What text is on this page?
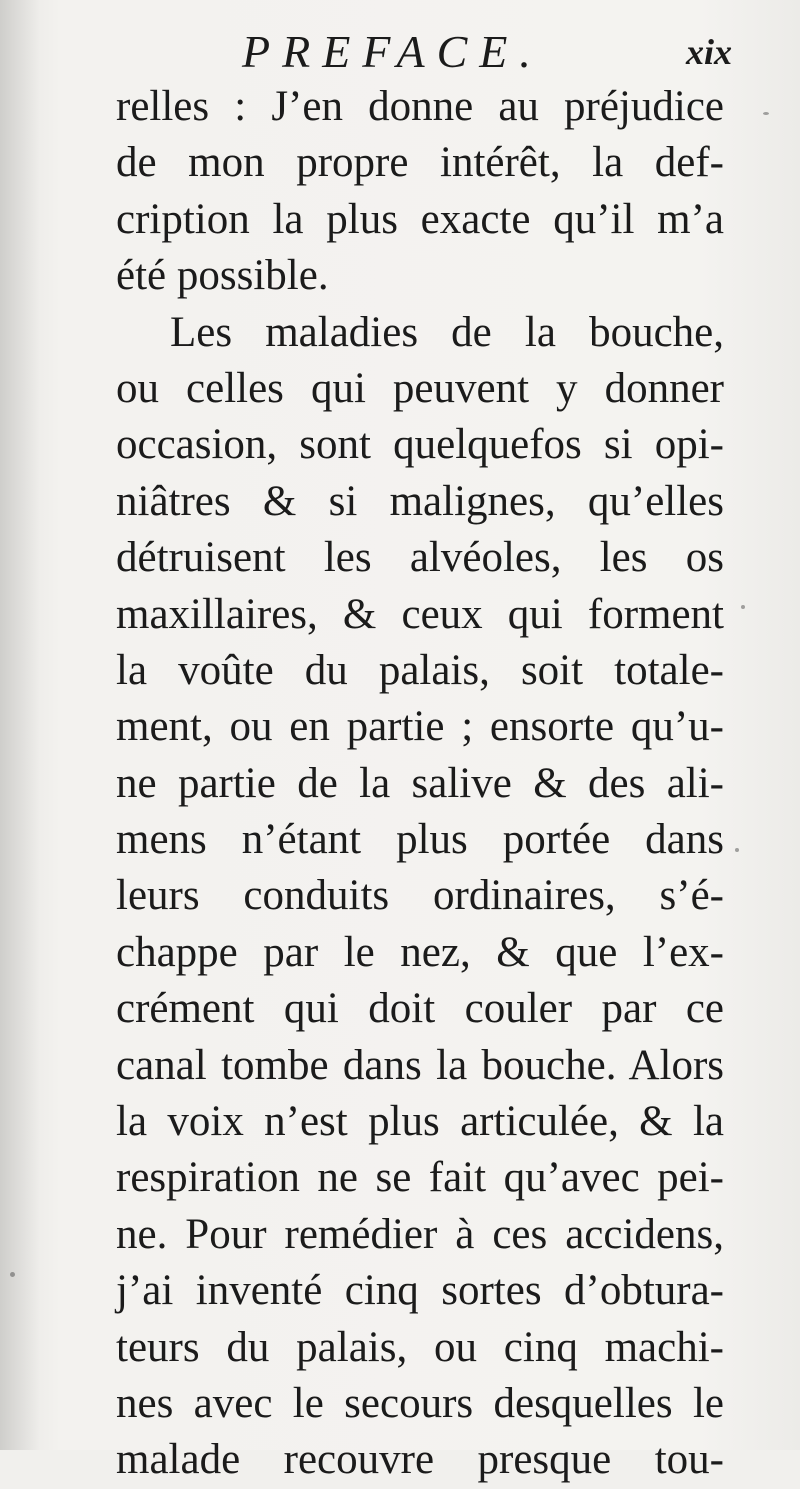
PREFACE.	xix
relles : J’en donne au préjudice
de mon propre intérêt, la def-
cription la plus exacte qu’il m’a
été possible.
Les maladies de la bouche,
ou celles qui peuvent y donner
occasion, sont quelquefos si opi-
niâtres & si malignes, qu’elles
détruisent les alvéoles, les os
maxillaires, & ceux qui forment
la voûte du palais, soit totale-
ment, ou en partie ; ensorte qu’u-
ne partie de la salive & des ali-
mens n’étant plus portée dans
leurs conduits ordinaires, s’é-
chappe par le nez, & que l’ex-
crément qui doit couler par ce
canal tombe dans la bouche. Alors
la voix n’est plus articulée, & la
respiration ne se fait qu’avec pei-
ne. Pour remédier à ces accidens,
j’ai inventé cinq sortes d’obtura-
teurs du palais, ou cinq machi-
nes avec le secours desquelles le
malade recouvre presque tou-
